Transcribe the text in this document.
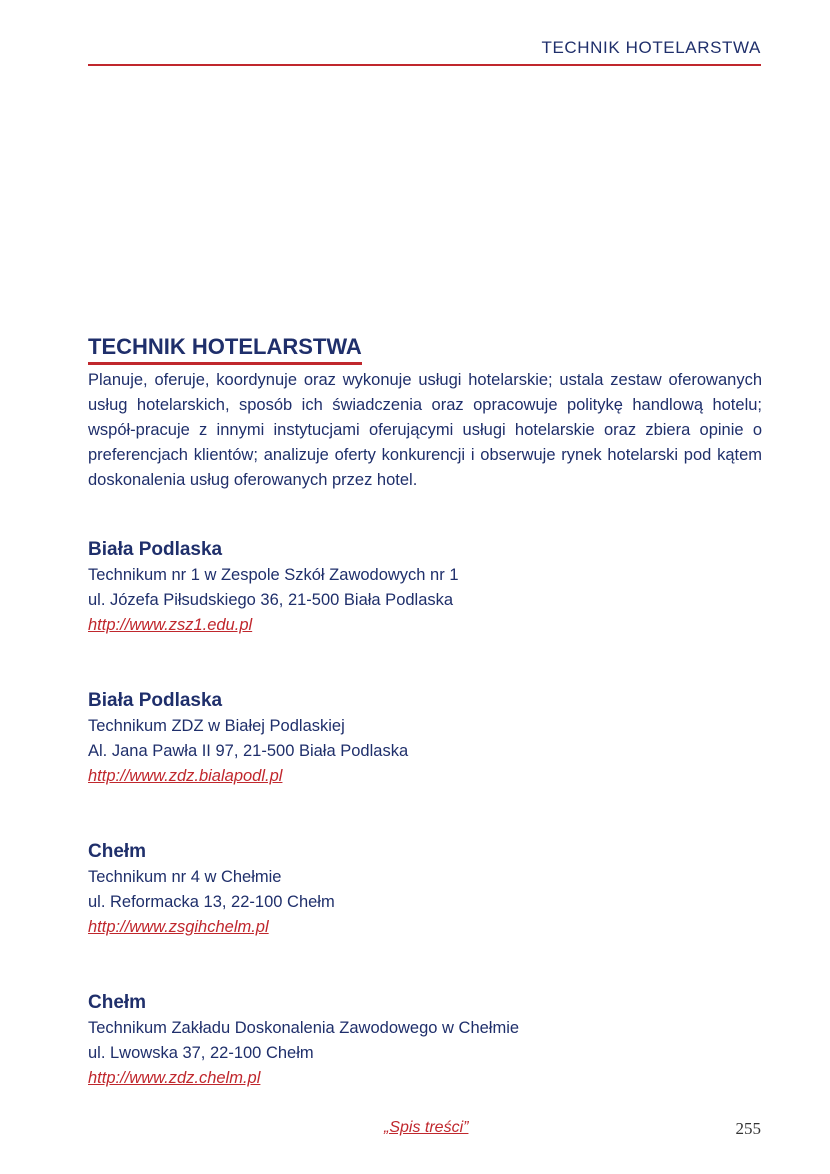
TECHNIK HOTELARSTWA
TECHNIK HOTELARSTWA
Planuje, oferuje, koordynuje oraz wykonuje usługi hotelarskie; ustala zestaw oferowanych usług hotelarskich, sposób ich świadczenia oraz opracowuje politykę handlową hotelu; współ-pracuje z innymi instytucjami oferującymi usługi hotelarskie oraz zbiera opinie o preferencjach klientów; analizuje oferty konkurencji i obserwuje rynek hotelarski pod kątem doskonalenia usług oferowanych przez hotel.
Biała Podlaska
Technikum nr 1 w Zespole Szkół Zawodowych nr 1
ul. Józefa Piłsudskiego 36, 21-500 Biała Podlaska
http://www.zsz1.edu.pl
Biała Podlaska
Technikum ZDZ w Białej Podlaskiej
Al. Jana Pawła II 97, 21-500 Biała Podlaska
http://www.zdz.bialapodl.pl
Chełm
Technikum nr 4 w Chełmie
ul. Reformacka 13, 22-100 Chełm
http://www.zsgihchelm.pl
Chełm
Technikum Zakładu Doskonalenia Zawodowego w Chełmie
ul. Lwowska 37, 22-100 Chełm
http://www.zdz.chelm.pl
„Spis treści”	255
